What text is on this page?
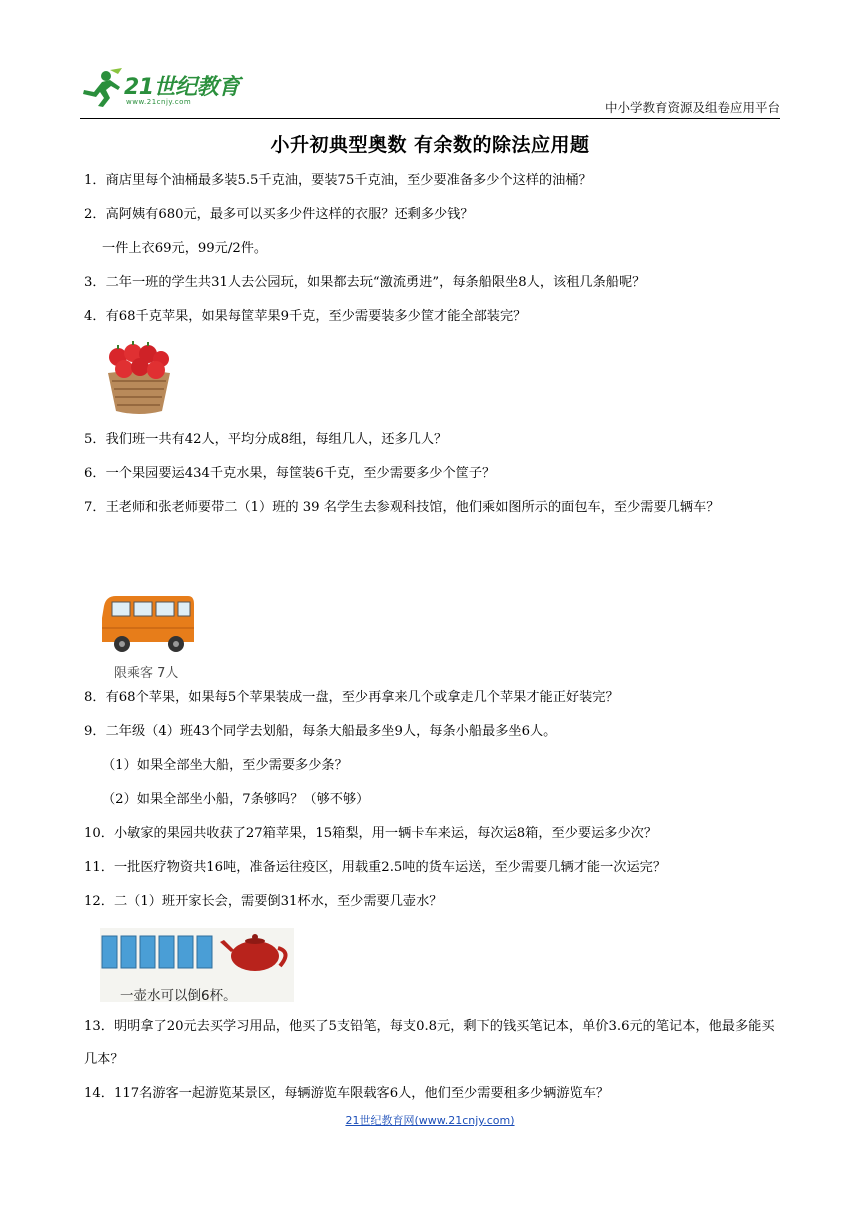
21世纪教育
www.21cnjy.com	中小学教育资源及组卷应用平台
小升初典型奥数 有余数的除法应用题
1．商店里每个油桶最多装5.5千克油，要装75千克油，至少要准备多少个这样的油桶？
2．高阿姨有680元，最多可以买多少件这样的衣服？还剩多少钱？
一件上衣69元，99元/2件。
3．二年一班的学生共31人去公园玩，如果都去玩“激流勇进”，每条船限坐8人，该租几条船呢？
4．有68千克苹果，如果每筐苹果9千克，至少需要装多少筐才能全部装完？
5．我们班一共有42人，平均分成8组，每组几人，还多几人？
6．一个果园要运434千克水果，每筐装6千克，至少需要多少个筐子？
7．王老师和张老师要带二（1）班的 39 名学生去参观科技馆，他们乘如图所示的面包车，至少需要几辆车？
限乘客 7人
8．有68个苹果，如果每5个苹果装成一盘，至少再拿来几个或拿走几个苹果才能正好装完？
9．二年级（4）班43个同学去划船，每条大船最多坐9人，每条小船最多坐6人。
（1）如果全部坐大船，至少需要多少条？
（2）如果全部坐小船，7条够吗？（够不够）
10．小敏家的果园共收获了27箱苹果，15箱梨，用一辆卡车来运，每次运8箱，至少要运多少次？
11．一批医疗物资共16吨，准备运往疫区，用载重2.5吨的货车运送，至少需要几辆才能一次运完？
12．二（1）班开家长会，需要倒31杯水，至少需要几壶水？
一壶水可以倒6杯。
13．明明拿了20元去买学习用品，他买了5支铅笔，每支0.8元，剩下的钱买笔记本，单价3.6元的笔记本，他最多能买几本？
14．117名游客一起游览某景区，每辆游览车限载客6人，他们至少需要租多少辆游览车？
21世纪教育网(www.21cnjy.com)
